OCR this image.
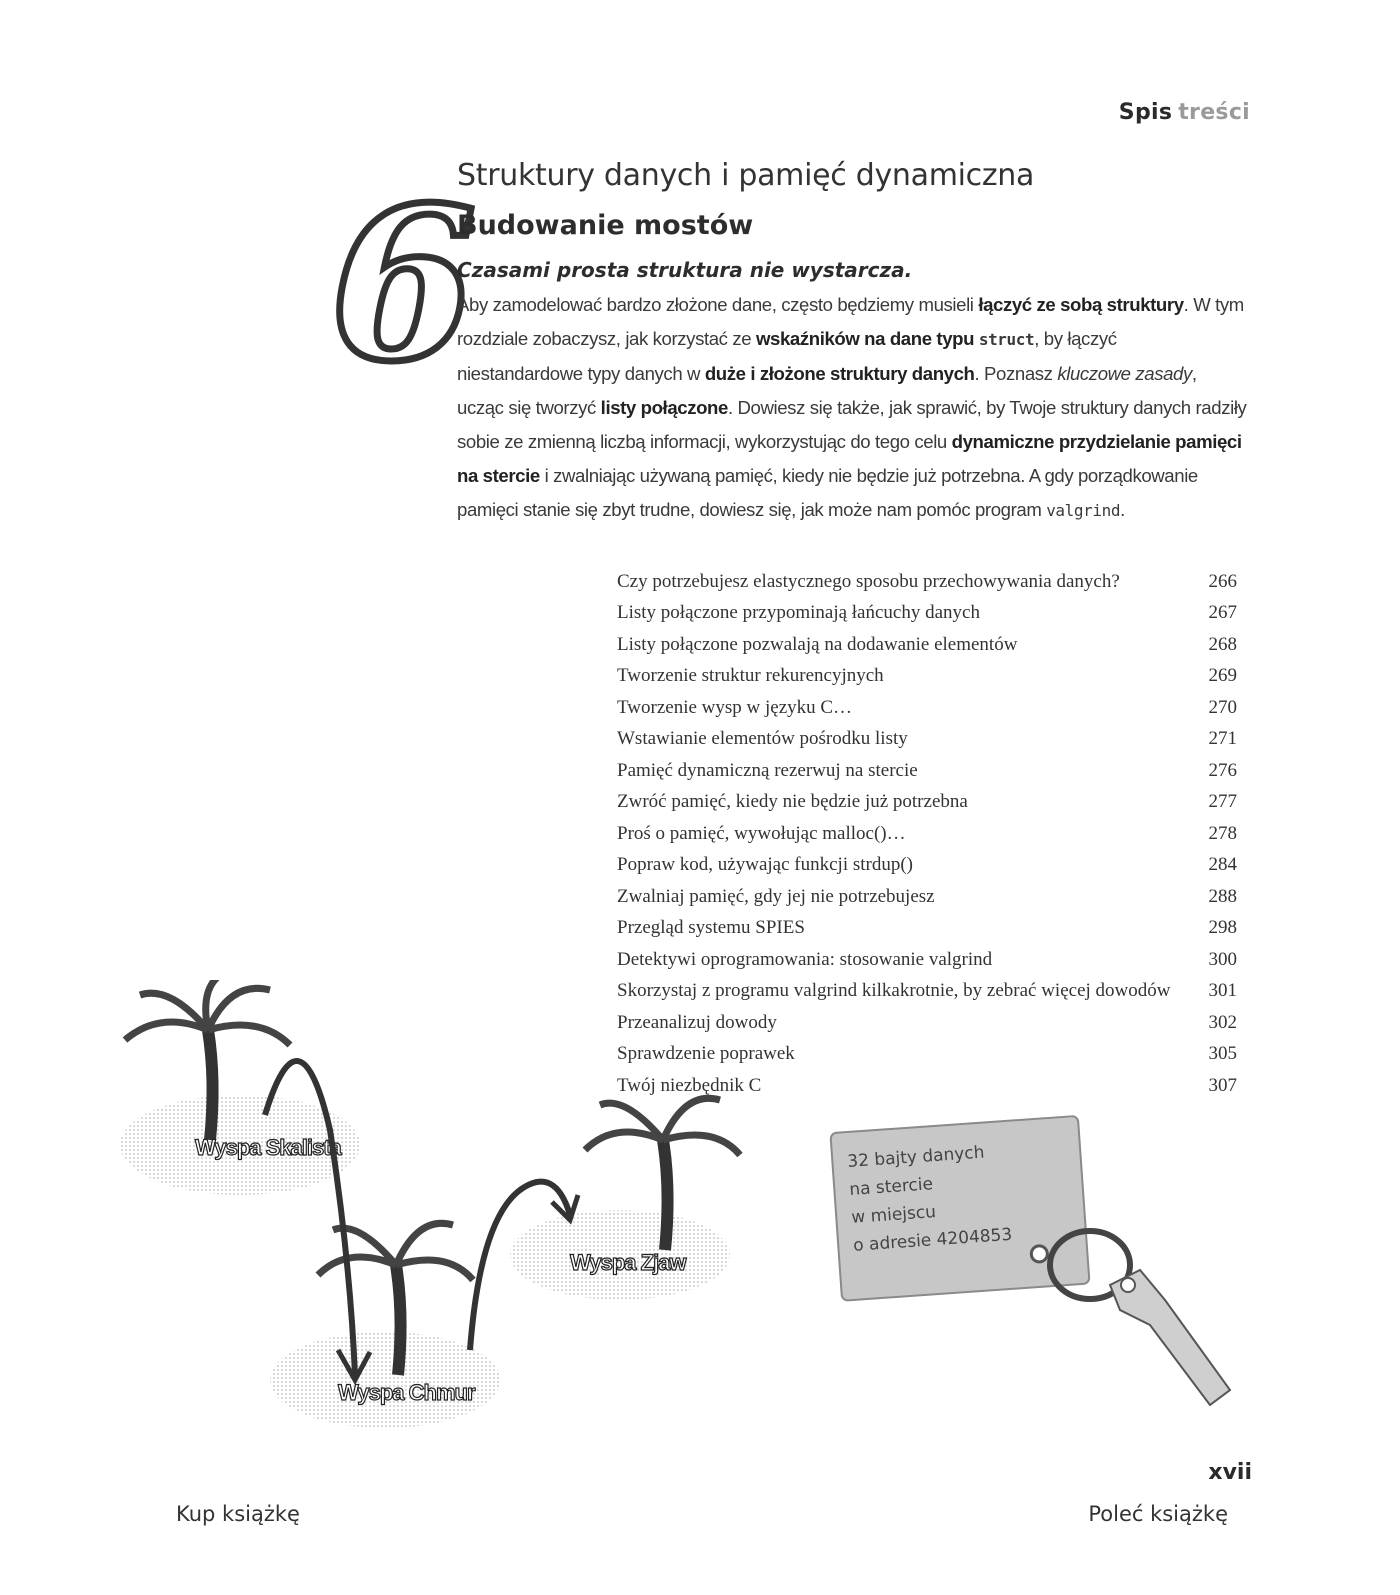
Spis treści
6
Struktury danych i pamięć dynamiczna
Budowanie mostów
Czasami prosta struktura nie wystarcza.
Aby zamodelować bardzo złożone dane, często będziemy musieli łączyć ze sobą struktury. W tym rozdziale zobaczysz, jak korzystać ze wskaźników na dane typu struct, by łączyć niestandardowe typy danych w duże i złożone struktury danych. Poznasz kluczowe zasady, ucząc się tworzyć listy połączone. Dowiesz się także, jak sprawić, by Twoje struktury danych radziły sobie ze zmienną liczbą informacji, wykorzystując do tego celu dynamiczne przydzielanie pamięci na stercie i zwalniając używaną pamięć, kiedy nie będzie już potrzebna. A gdy porządkowanie pamięci stanie się zbyt trudne, dowiesz się, jak może nam pomóc program valgrind.
Czy potrzebujesz elastycznego sposobu przechowywania danych?	266
Listy połączone przypominają łańcuchy danych	267
Listy połączone pozwalają na dodawanie elementów	268
Tworzenie struktur rekurencyjnych	269
Tworzenie wysp w języku C…	270
Wstawianie elementów pośrodku listy	271
Pamięć dynamiczną rezerwuj na stercie	276
Zwróć pamięć, kiedy nie będzie już potrzebna	277
Proś o pamięć, wywołując malloc()…	278
Popraw kod, używając funkcji strdup()	284
Zwalniaj pamięć, gdy jej nie potrzebujesz	288
Przegląd systemu SPIES	298
Detektywi oprogramowania: stosowanie valgrind	300
Skorzystaj z programu valgrind kilkakrotnie, by zebrać więcej dowodów	301
Przeanalizuj dowody	302
Sprawdzenie poprawek	305
Twój niezbędnik C	307
Wyspa Skalista
Wyspa Chmur
Wyspa Zjaw
32 bajty danych
na stercie
w miejscu
o adresie 4204853
xvii
Kup książkę	Poleć książkę
